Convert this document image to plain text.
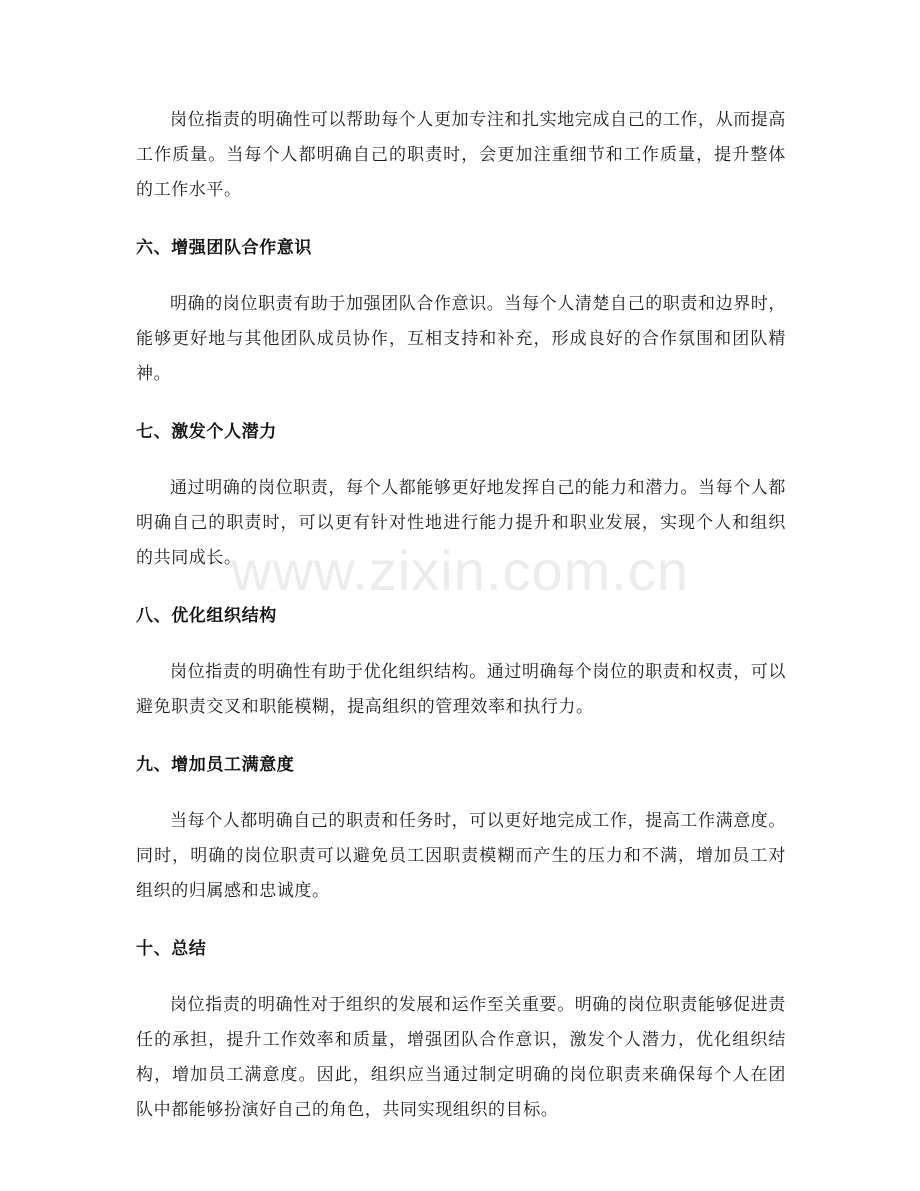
岗位指责的明确性可以帮助每个人更加专注和扎实地完成自己的工作，从而提高工作质量。当每个人都明确自己的职责时，会更加注重细节和工作质量，提升整体的工作水平。

六、增强团队合作意识

明确的岗位职责有助于加强团队合作意识。当每个人清楚自己的职责和边界时，能够更好地与其他团队成员协作，互相支持和补充，形成良好的合作氛围和团队精神。

七、激发个人潜力

通过明确的岗位职责，每个人都能够更好地发挥自己的能力和潜力。当每个人都明确自己的职责时，可以更有针对性地进行能力提升和职业发展，实现个人和组织的共同成长。

八、优化组织结构

岗位指责的明确性有助于优化组织结构。通过明确每个岗位的职责和权责，可以避免职责交叉和职能模糊，提高组织的管理效率和执行力。

九、增加员工满意度

当每个人都明确自己的职责和任务时，可以更好地完成工作，提高工作满意度。同时，明确的岗位职责可以避免员工因职责模糊而产生的压力和不满，增加员工对组织的归属感和忠诚度。

十、总结

岗位指责的明确性对于组织的发展和运作至关重要。明确的岗位职责能够促进责任的承担，提升工作效率和质量，增强团队合作意识，激发个人潜力，优化组织结构，增加员工满意度。因此，组织应当通过制定明确的岗位职责来确保每个人在团队中都能够扮演好自己的角色，共同实现组织的目标。

www.zixin.com.cn
